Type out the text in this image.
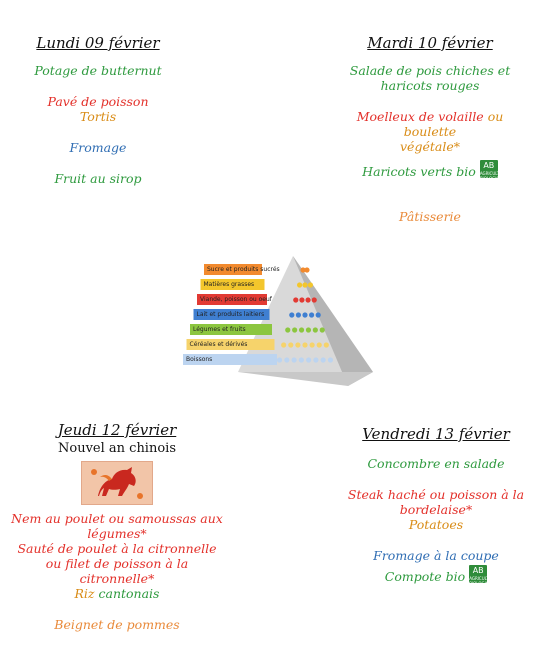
Lundi 09 février

Potage de butternut

Pavé de poisson

Tortis

Fromage

Fruit au sirop

Mardi 10 février

Salade de pois chiches et

haricots rouges

Moelleux de volaille ou boulette

végétale*

Haricots verts bio AB
AGRICULTURE BIOLOGIQUE

Pâtisserie

Sucre et produits sucrés
Matières grasses
Viande, poisson ou oeuf
Lait et produits laitiers
Légumes et fruits
Céréales et dérivés
Boissons

Jeudi 12 février

Nouvel an chinois

Nem au poulet ou samoussas aux

légumes*

Sauté de poulet à la citronnelle

ou filet de poisson à la

citronnelle*

Riz cantonais

Beignet de pommes

Vendredi 13 février

Concombre en salade

Steak haché ou poisson à la

bordelaise*

Potatoes

Fromage à la coupe

Compote bio AB
AGRICULTURE BIOLOGIQUE
